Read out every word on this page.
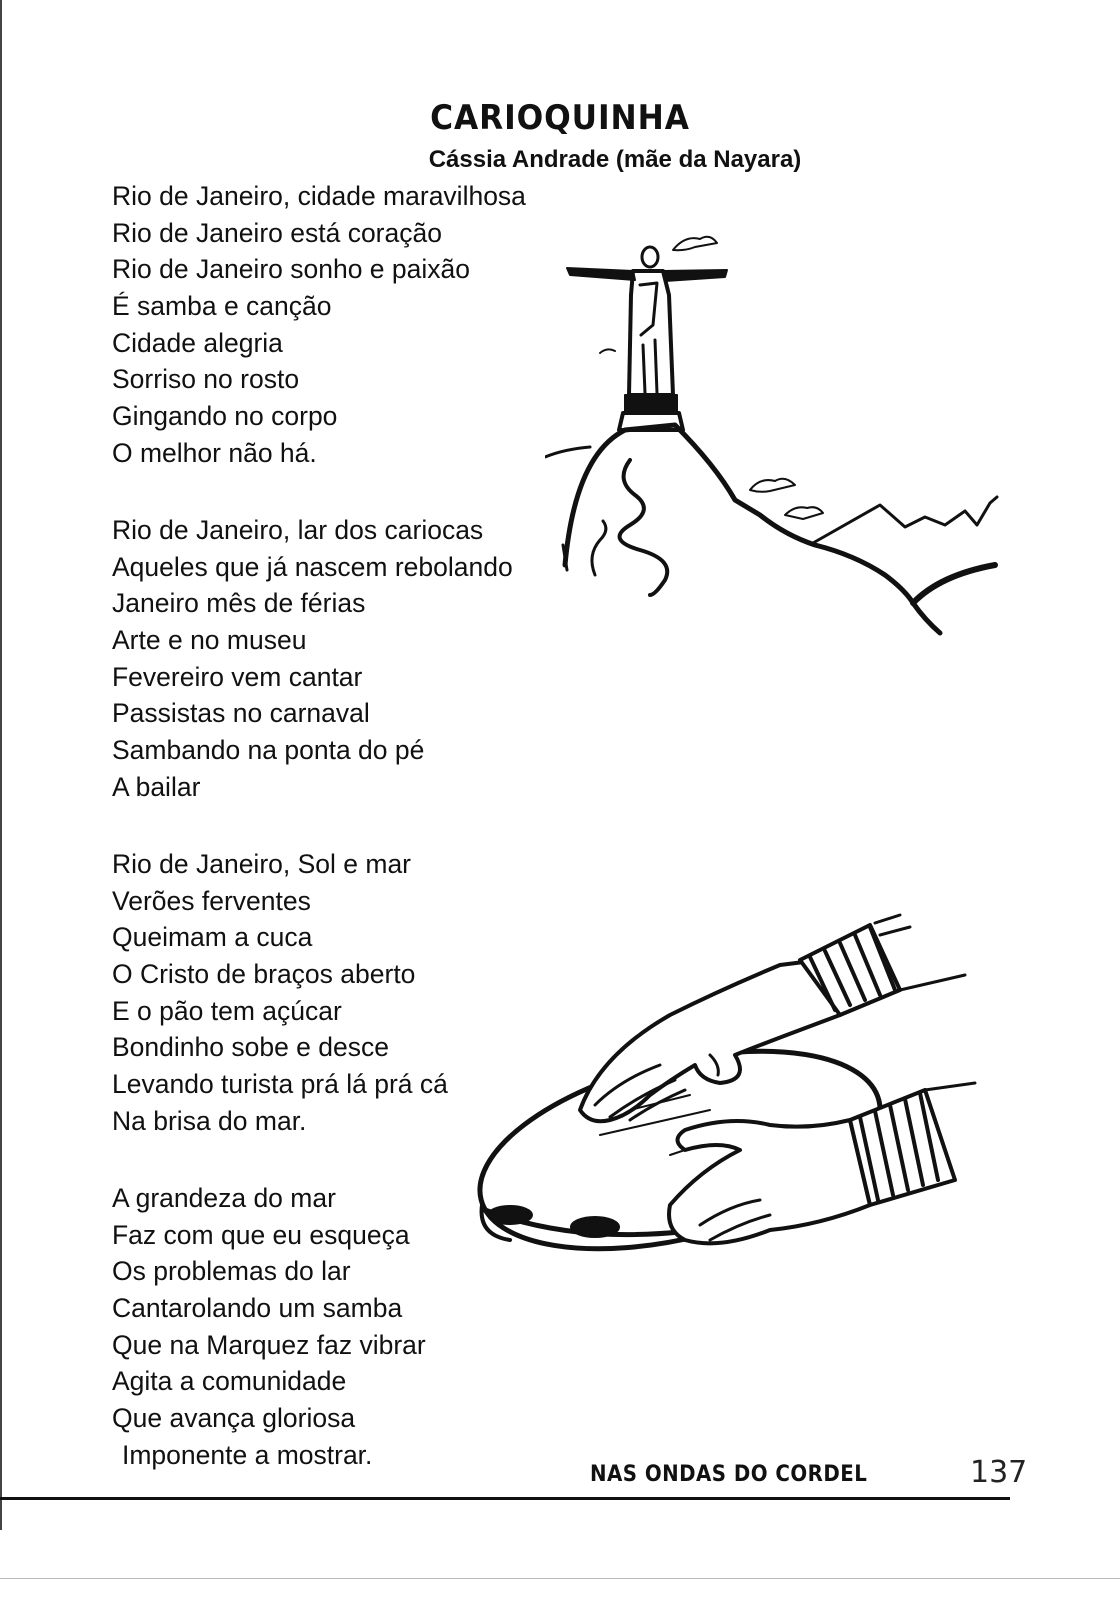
CARIOQUINHA
Cássia Andrade (mãe da Nayara)
Rio de Janeiro, cidade maravilhosa
Rio de Janeiro está coração
Rio de Janeiro sonho e paixão
É samba e canção
Cidade alegria
Sorriso no rosto
Gingando no corpo
O melhor não há.
Rio de Janeiro, lar dos cariocas
Aqueles que já nascem rebolando
Janeiro mês de férias
Arte e no museu
Fevereiro vem cantar
Passistas no carnaval
Sambando na ponta do pé
A bailar
Rio de Janeiro, Sol e mar
Verões ferventes
Queimam a cuca
O Cristo de braços aberto
E o pão tem açúcar
Bondinho sobe e desce
Levando turista prá lá prá cá
Na brisa do mar.
A grandeza do mar
Faz com que eu esqueça
Os problemas do lar
Cantarolando um samba
Que na Marquez faz vibrar
Agita a comunidade
Que avança gloriosa
Imponente a mostrar.
NAS ONDAS DO CORDEL	137
